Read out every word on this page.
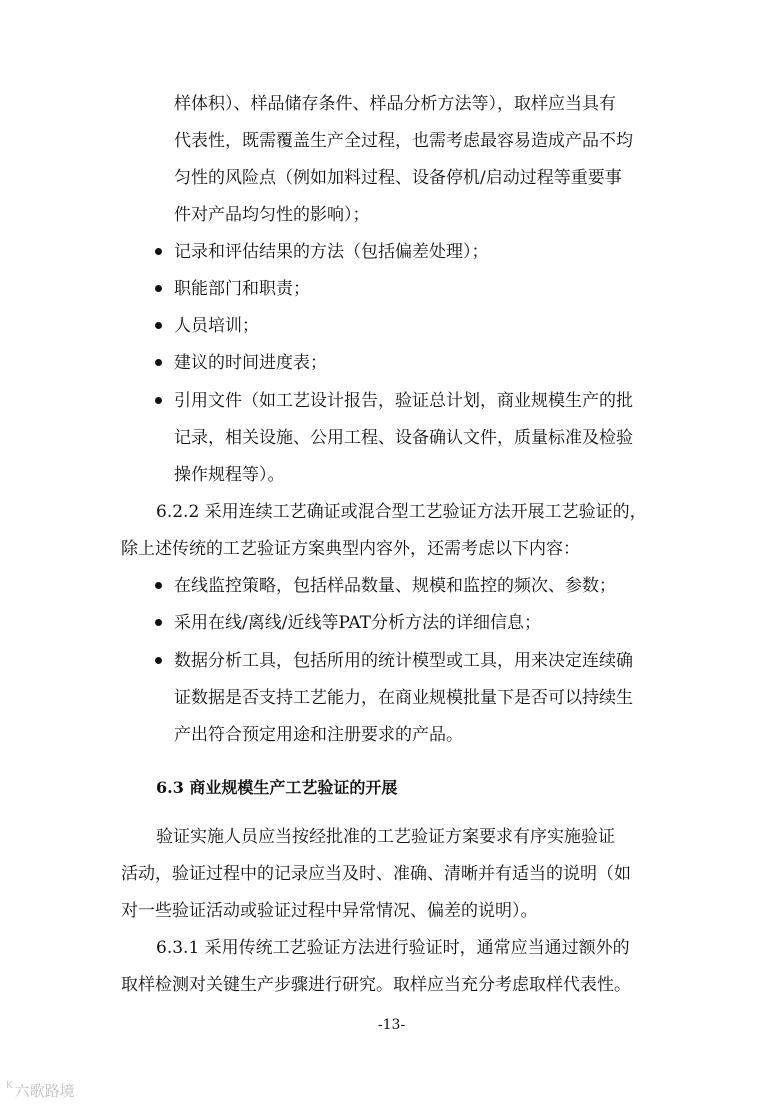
样体积）、样品储存条件、样品分析方法等），取样应当具有
代表性，既需覆盖生产全过程，也需考虑最容易造成产品不均
匀性的风险点（例如加料过程、设备停机/启动过程等重要事
件对产品均匀性的影响）；
记录和评估结果的方法（包括偏差处理）；
职能部门和职责；
人员培训；
建议的时间进度表；
引用文件（如工艺设计报告，验证总计划，商业规模生产的批
记录，相关设施、公用工程、设备确认文件，质量标准及检验
操作规程等）。
6.2.2 采用连续工艺确证或混合型工艺验证方法开展工艺验证的，
除上述传统的工艺验证方案典型内容外，还需考虑以下内容：
在线监控策略，包括样品数量、规模和监控的频次、参数；
采用在线/离线/近线等PAT分析方法的详细信息；
数据分析工具，包括所用的统计模型或工具，用来决定连续确
证数据是否支持工艺能力，在商业规模批量下是否可以持续生
产出符合预定用途和注册要求的产品。
6.3 商业规模生产工艺验证的开展
验证实施人员应当按经批准的工艺验证方案要求有序实施验证
活动，验证过程中的记录应当及时、准确、清晰并有适当的说明（如
对一些验证活动或验证过程中异常情况、偏差的说明）。
6.3.1 采用传统工艺验证方法进行验证时，通常应当通过额外的
取样检测对关键生产步骤进行研究。取样应当充分考虑取样代表性。
-13-
K 六歌路境
